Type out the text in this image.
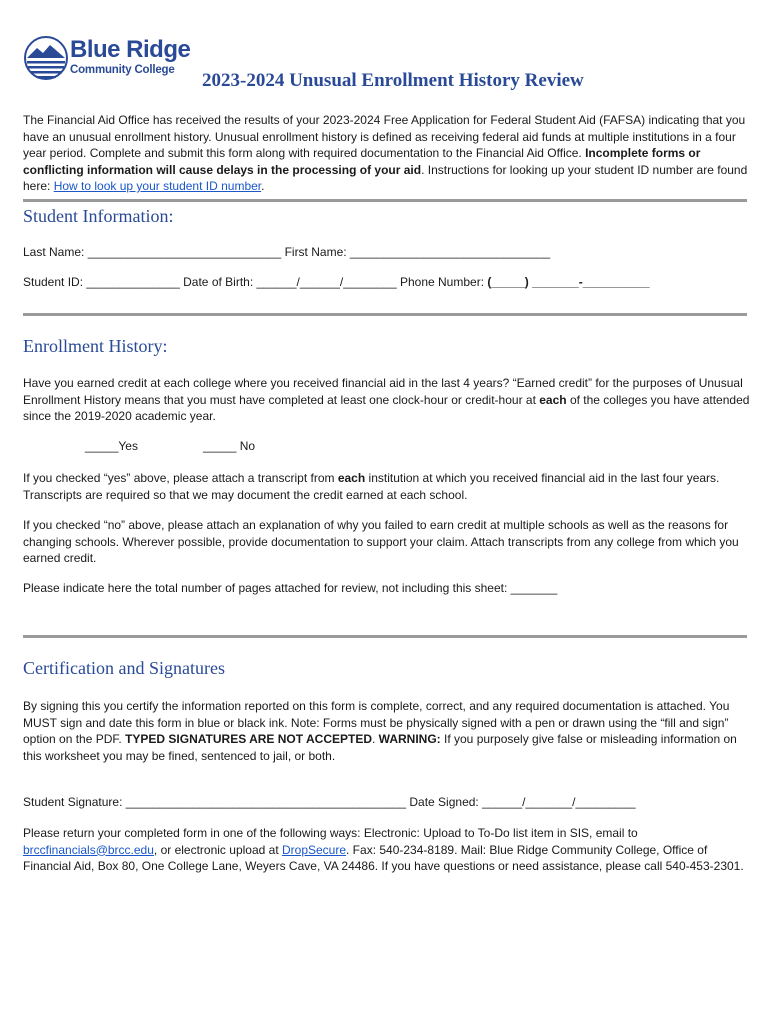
Blue Ridge
Community College 2023-2024 Unusual Enrollment History Review
The Financial Aid Office has received the results of your 2023-2024 Free Application for Federal Student Aid (FAFSA) indicating that you have an unusual enrollment history. Unusual enrollment history is defined as receiving federal aid funds at multiple institutions in a four year period. Complete and submit this form along with required documentation to the Financial Aid Office. Incomplete forms or conflicting information will cause delays in the processing of your aid. Instructions for looking up your student ID number are found here: How to look up your student ID number.
Student Information:
Last Name: _____________________________ First Name: ______________________________
Student ID: ______________ Date of Birth: ______/______/________ Phone Number: (_____) _______-__________
Enrollment History:
Have you earned credit at each college where you received financial aid in the last 4 years? “Earned credit” for the purposes of Unusual Enrollment History means that you must have completed at least one clock-hour or credit-hour at each of the colleges you have attended since the 2019-2020 academic year.
_____Yes	_____ No
If you checked “yes” above, please attach a transcript from each institution at which you received financial aid in the last four years. Transcripts are required so that we may document the credit earned at each school.
If you checked “no” above, please attach an explanation of why you failed to earn credit at multiple schools as well as the reasons for changing schools. Wherever possible, provide documentation to support your claim. Attach transcripts from any college from which you earned credit.
Please indicate here the total number of pages attached for review, not including this sheet: _______
Certification and Signatures
By signing this you certify the information reported on this form is complete, correct, and any required documentation is attached. You MUST sign and date this form in blue or black ink. Note: Forms must be physically signed with a pen or drawn using the “fill and sign” option on the PDF. TYPED SIGNATURES ARE NOT ACCEPTED. WARNING: If you purposely give false or misleading information on this worksheet you may be fined, sentenced to jail, or both.
Student Signature: __________________________________________ Date Signed: ______/_______/_________
Please return your completed form in one of the following ways: Electronic: Upload to To-Do list item in SIS, email to brccfinancials@brcc.edu, or electronic upload at DropSecure. Fax: 540-234-8189. Mail: Blue Ridge Community College, Office of Financial Aid, Box 80, One College Lane, Weyers Cave, VA 24486. If you have questions or need assistance, please call 540-453-2301.
